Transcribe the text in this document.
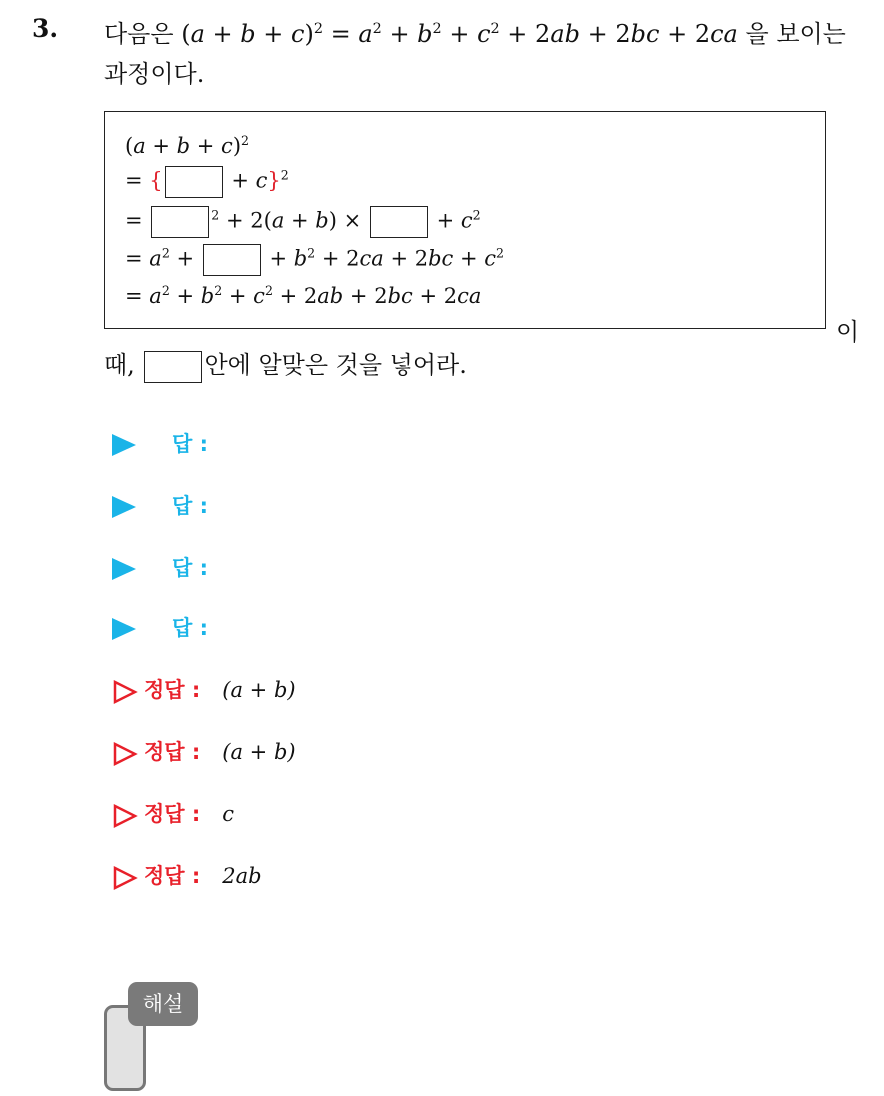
3. 다음은 $(a + b + c)^2 = a^2 + b^2 + c^2 + 2ab + 2bc + 2ca$ 을 보이는
과정이다.
$(a + b + c)^2$
= {	+ c}$^2$
=	$^2$ + 2(a + b) ×	+ $c^2$
= $a^2$ +	+ $b^2 + 2ca + 2bc + c^2$
= $a^2 + b^2 + c^2 + 2ab + 2bc + 2ca$
이
때,	안에 알맞은 것을 넣어라.
답 :
답 :
답 :
답 :
정답 : (a + b)
정답 : (a + b)
정답 : c
정답 : 2ab
해설
